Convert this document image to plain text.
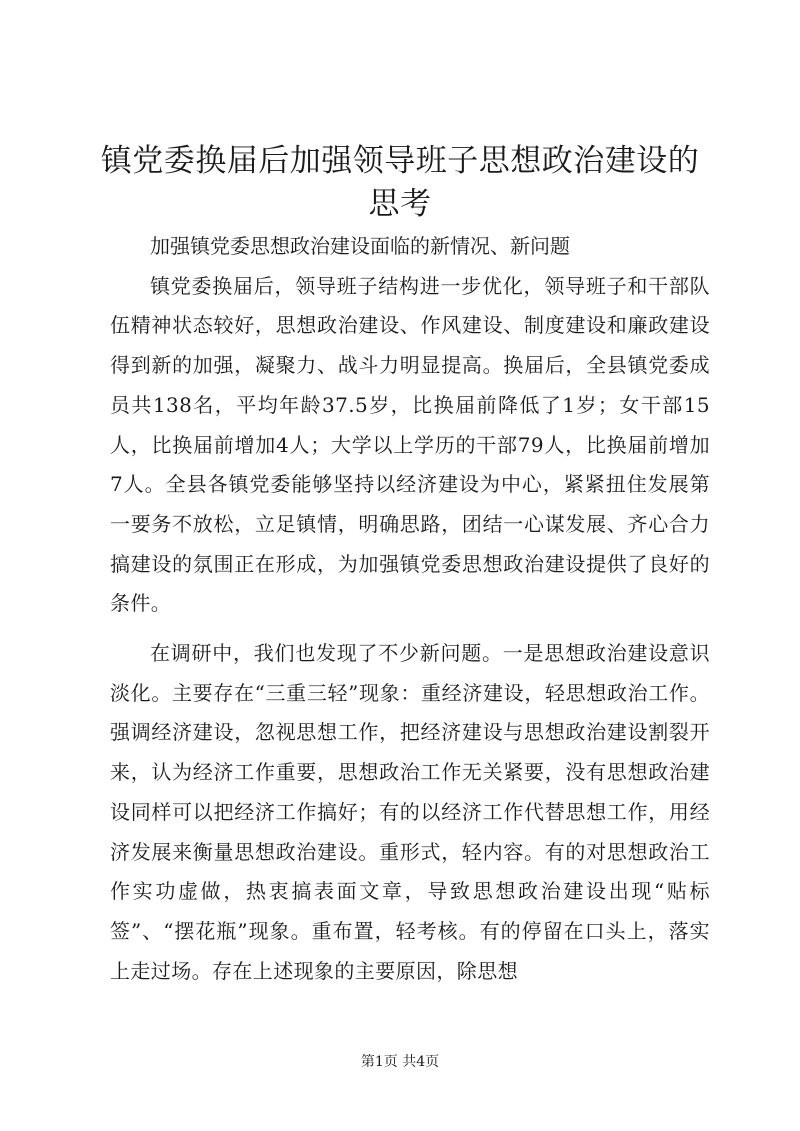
镇党委换届后加强领导班子思想政治建设的思考
加强镇党委思想政治建设面临的新情况、新问题

镇党委换届后，领导班子结构进一步优化，领导班子和干部队伍精神状态较好，思想政治建设、作风建设、制度建设和廉政建设得到新的加强，凝聚力、战斗力明显提高。换届后，全县镇党委成员共138名，平均年龄37.5岁，比换届前降低了1岁；女干部15人，比换届前增加4人；大学以上学历的干部79人，比换届前增加7人。全县各镇党委能够坚持以经济建设为中心，紧紧扭住发展第一要务不放松，立足镇情，明确思路，团结一心谋发展、齐心合力搞建设的氛围正在形成，为加强镇党委思想政治建设提供了良好的条件。

在调研中，我们也发现了不少新问题。一是思想政治建设意识淡化。主要存在“三重三轻”现象：重经济建设，轻思想政治工作。强调经济建设，忽视思想工作，把经济建设与思想政治建设割裂开来，认为经济工作重要，思想政治工作无关紧要，没有思想政治建设同样可以把经济工作搞好；有的以经济工作代替思想工作，用经济发展来衡量思想政治建设。重形式，轻内容。有的对思想政治工作实功虚做，热衷搞表面文章，导致思想政治建设出现“贴标签”、“摆花瓶”现象。重布置，轻考核。有的停留在口头上，落实上走过场。存在上述现象的主要原因，除思想

第1页 共4页
